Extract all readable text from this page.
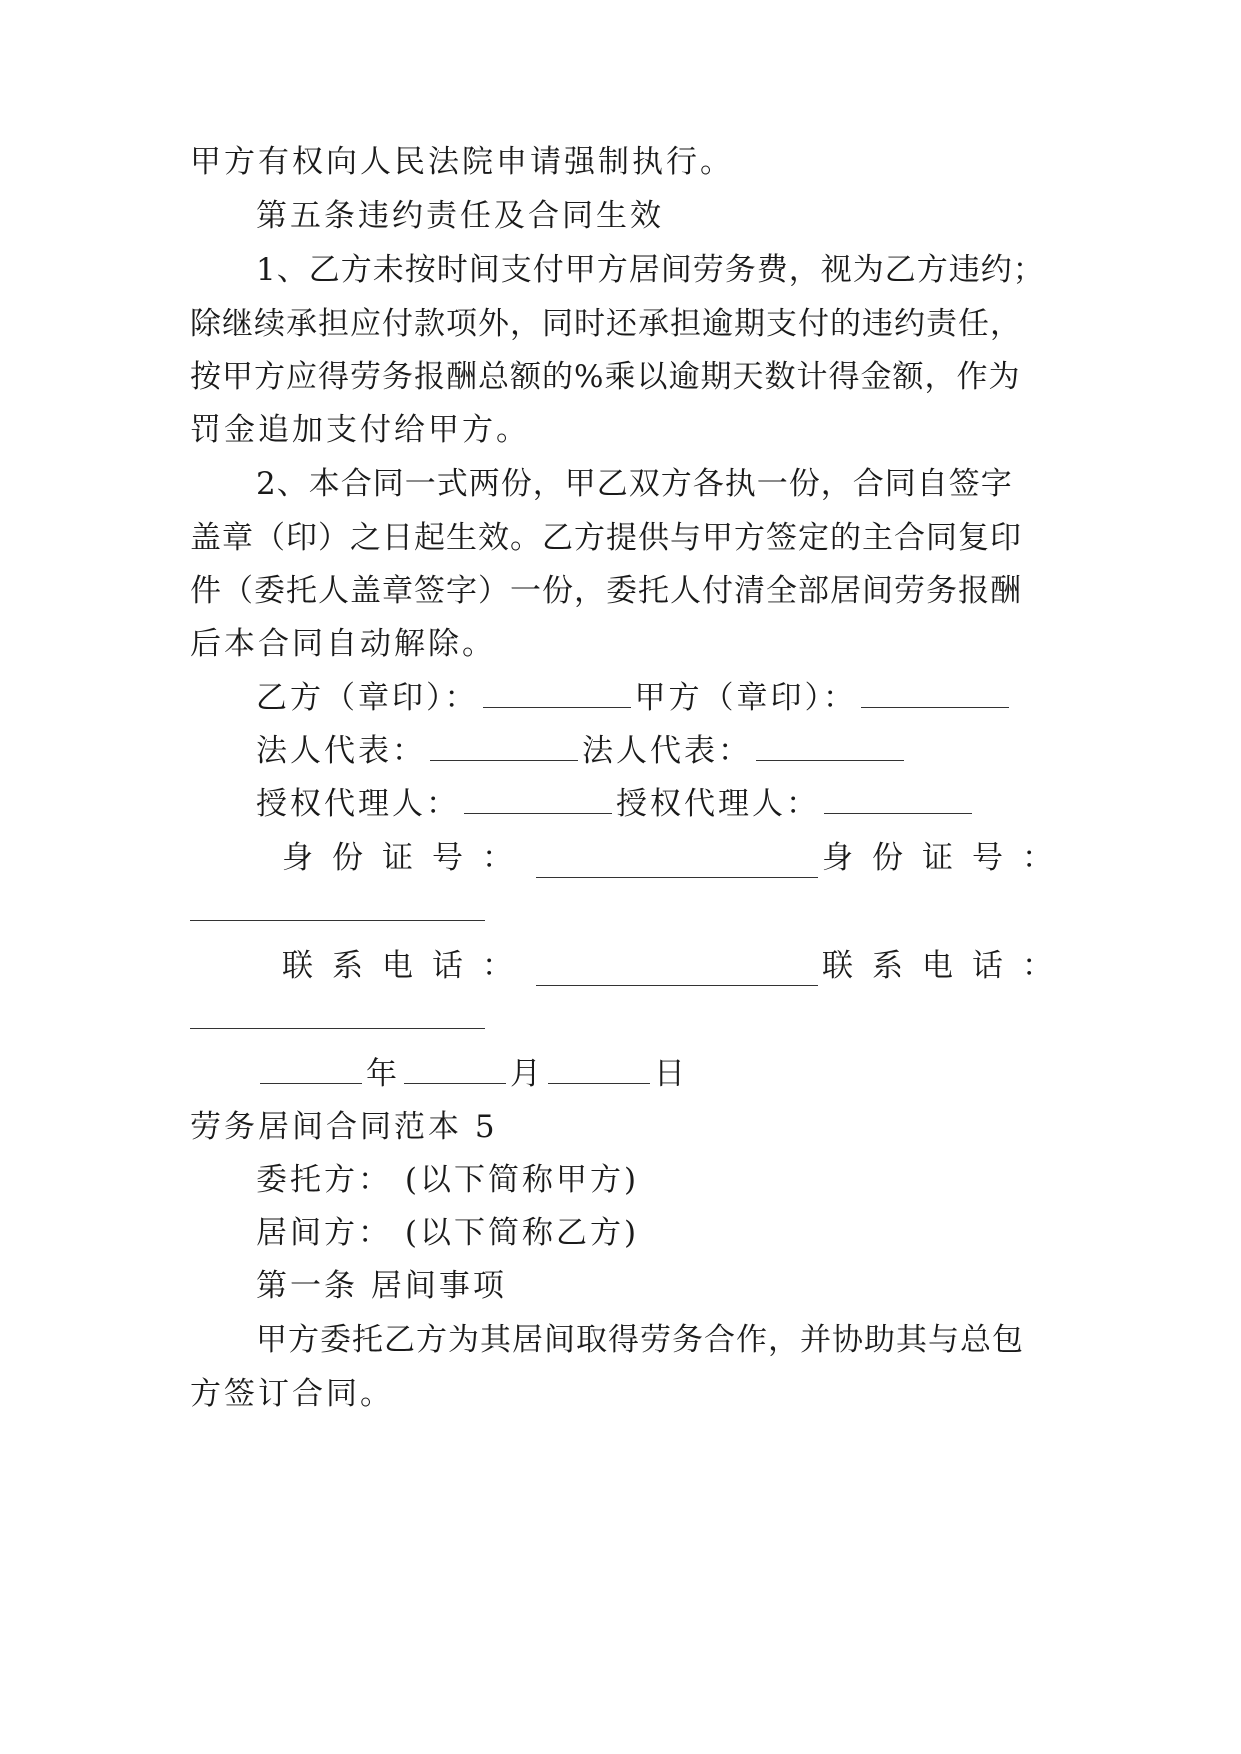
甲方有权向人民法院申请强制执行。
第五条违约责任及合同生效
1、乙方未按时间支付甲方居间劳务费，视为乙方违约；
除继续承担应付款项外，同时还承担逾期支付的违约责任，
按甲方应得劳务报酬总额的%乘以逾期天数计得金额，作为
罚金追加支付给甲方。
2、本合同一式两份，甲乙双方各执一份，合同自签字
盖章（印）之日起生效。乙方提供与甲方签定的主合同复印
件（委托人盖章签字）一份，委托人付清全部居间劳务报酬
后本合同自动解除。
乙方（章印）：	甲方（章印）：
法人代表：	法人代表：
授权代理人：	授权代理人：
身份证号：	身份证号：
联系电话：	联系电话：
年	月	日
劳务居间合同范本 5
委托方： (以下简称甲方)
居间方： (以下简称乙方)
第一条 居间事项
甲方委托乙方为其居间取得劳务合作，并协助其与总包
方签订合同。
